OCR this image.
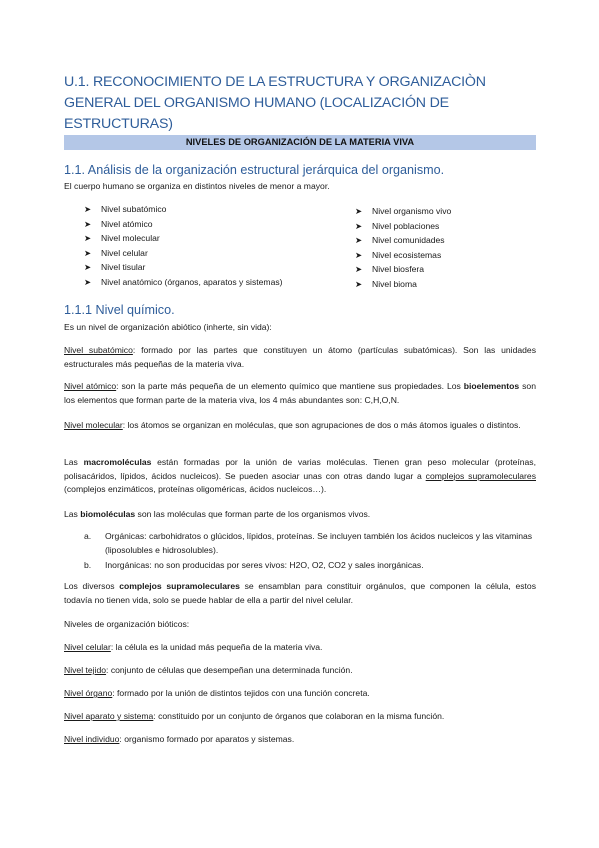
U.1. RECONOCIMIENTO DE LA ESTRUCTURA Y ORGANIZACIÒN GENERAL DEL ORGANISMO HUMANO (LOCALIZACIÓN DE ESTRUCTURAS)
NIVELES DE ORGANIZACIÓN DE LA MATERIA VIVA
1.1. Análisis de la organización estructural jerárquica del organismo.
El cuerpo humano se organiza en distintos niveles de menor a mayor.
➤ Nivel subatómico
➤ Nivel atómico
➤ Nivel molecular
➤ Nivel celular
➤ Nivel tisular
➤ Nivel anatómico (órganos, aparatos y sistemas)
➤ Nivel organismo vivo
➤ Nivel poblaciones
➤ Nivel comunidades
➤ Nivel ecosistemas
➤ Nivel biosfera
➤ Nivel bioma
1.1.1 Nivel químico.
Es un nivel de organización abiótico (inherte, sin vida):
Nivel subatómico: formado por las partes que constituyen un átomo (partículas subatómicas). Son las unidades estructurales más pequeñas de la materia viva.
Nivel atómico: son la parte más pequeña de un elemento químico que mantiene sus propiedades. Los bioelementos son los elementos que forman parte de la materia viva, los 4 más abundantes son: C,H,O,N.
Nivel molecular: los átomos se organizan en moléculas, que son agrupaciones de dos o más átomos iguales o distintos.
Las macromoléculas están formadas por la unión de varias moléculas. Tienen gran peso molecular (proteínas, polisacáridos, lípidos, ácidos nucleicos). Se pueden asociar unas con otras dando lugar a complejos supramoleculares (complejos enzimáticos, proteínas oligoméricas, ácidos nucleicos…).
Las biomoléculas son las moléculas que forman parte de los organismos vivos.
a. Orgánicas: carbohidratos o glúcidos, lípidos, proteínas. Se incluyen también los ácidos nucleicos y las vitaminas (liposolubles e hidrosolubles).
b. Inorgánicas: no son producidas por seres vivos: H2O, O2, CO2 y sales inorgánicas.
Los diversos complejos supramoleculares se ensamblan para constituir orgánulos, que componen la célula, estos todavía no tienen vida, solo se puede hablar de ella a partir del nivel celular.
Niveles de organización bióticos:
Nivel celular: la célula es la unidad más pequeña de la materia viva.
Nivel tejido: conjunto de células que desempeñan una determinada función.
Nivel órgano: formado por la unión de distintos tejidos con una función concreta.
Nivel aparato y sistema: constituido por un conjunto de órganos que colaboran en la misma función.
Nivel individuo: organismo formado por aparatos y sistemas.
